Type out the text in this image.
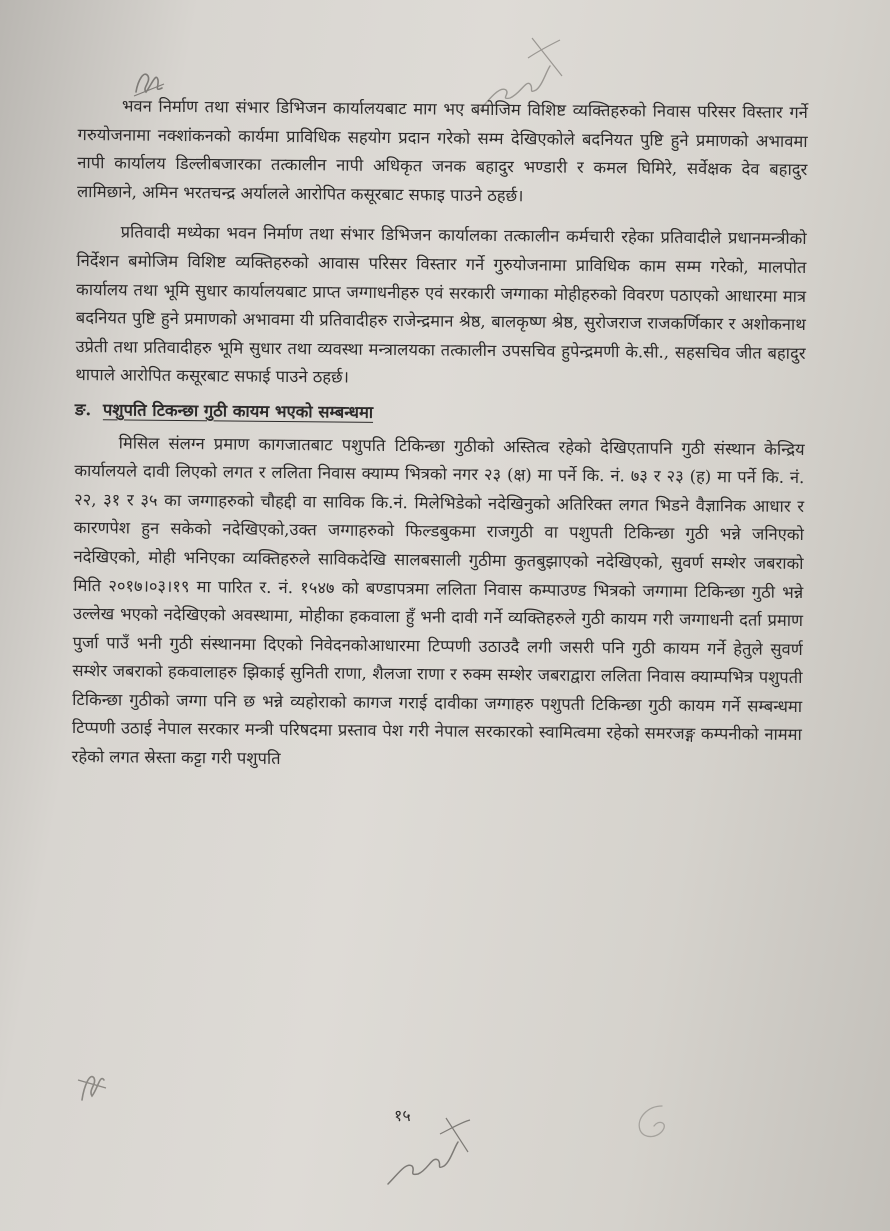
भवन निर्माण तथा संभार डिभिजन कार्यालयबाट माग भए बमोजिम विशिष्ट व्यक्तिहरुको निवास परिसर विस्तार गर्ने गरुयोजनामा नक्शांकनको कार्यमा प्राविधिक सहयोग प्रदान गरेको सम्म देखिएकोले बदनियत पुष्टि हुने प्रमाणको अभावमा नापी कार्यालय डिल्लीबजारका तत्कालीन नापी अधिकृत जनक बहादुर भण्डारी र कमल घिमिरे, सर्वेक्षक देव बहादुर लामिछाने, अमिन भरतचन्द्र अर्यालले आरोपित कसूरबाट सफाइ पाउने ठहर्छ।

प्रतिवादी मध्येका भवन निर्माण तथा संभार डिभिजन कार्यालका तत्कालीन कर्मचारी रहेका प्रतिवादीले प्रधानमन्त्रीको निर्देशन बमोजिम विशिष्ट व्यक्तिहरुको आवास परिसर विस्तार गर्ने गुरुयोजनामा प्राविधिक काम सम्म गरेको, मालपोत कार्यालय तथा भूमि सुधार कार्यालयबाट प्राप्त जग्गाधनीहरु एवं सरकारी जग्गाका मोहीहरुको विवरण पठाएको आधारमा मात्र बदनियत पुष्टि हुने प्रमाणको अभावमा यी प्रतिवादीहरु राजेन्द्रमान श्रेष्ठ, बालकृष्ण श्रेष्ठ, सुरोजराज राजकर्णिकार र अशोकनाथ उप्रेती तथा प्रतिवादीहरु भूमि सुधार तथा व्यवस्था मन्त्रालयका तत्कालीन उपसचिव हुपेन्द्रमणी के.सी., सहसचिव जीत बहादुर थापाले आरोपित कसूरबाट सफाई पाउने ठहर्छ।

ङ. पशुपति टिकन्छा गुठी कायम भएको सम्बन्धमा

मिसिल संलग्न प्रमाण कागजातबाट पशुपति टिकिन्छा गुठीको अस्तित्व रहेको देखिएतापनि गुठी संस्थान केन्द्रिय कार्यालयले दावी लिएको लगत र ललिता निवास क्याम्प भित्रको नगर २३ (क्ष) मा पर्ने कि. नं. ७३ र २३ (ह) मा पर्ने कि. नं. २२, ३१ र ३५ का जग्गाहरुको चौहद्दी वा साविक कि.नं. मिलेभिडेको नदेखिनुको अतिरिक्त लगत भिडने वैज्ञानिक आधार र कारणपेश हुन सकेको नदेखिएको,उक्त जग्गाहरुको फिल्डबुकमा राजगुठी वा पशुपती टिकिन्छा गुठी भन्ने जनिएको नदेखिएको, मोही भनिएका व्यक्तिहरुले साविकदेखि सालबसाली गुठीमा कुतबुझाएको नदेखिएको, सुवर्ण सम्शेर जबराको मिति २०१७।०३।१९ मा पारित र. नं. १५४७ को बण्डापत्रमा ललिता निवास कम्पाउण्ड भित्रको जग्गामा टिकिन्छा गुठी भन्ने उल्लेख भएको नदेखिएको अवस्थामा, मोहीका हकवाला हुँ भनी दावी गर्ने व्यक्तिहरुले गुठी कायम गरी जग्गाधनी दर्ता प्रमाण पुर्जा पाउँ भनी गुठी संस्थानमा दिएको निवेदनकोआधारमा टिप्पणी उठाउदै लगी जसरी पनि गुठी कायम गर्ने हेतुले सुवर्ण सम्शेर जबराको हकवालाहरु झिकाई सुनिती राणा, शैलजा राणा र रुक्म सम्शेर जबराद्वारा ललिता निवास क्याम्पभित्र पशुपती टिकिन्छा गुठीको जग्गा पनि छ भन्ने व्यहोराको कागज गराई दावीका जग्गाहरु पशुपती टिकिन्छा गुठी कायम गर्ने सम्बन्धमा टिप्पणी उठाई नेपाल सरकार मन्त्री परिषदमा प्रस्ताव पेश गरी नेपाल सरकारको स्वामित्वमा रहेको समरजङ्ग कम्पनीको नाममा रहेको लगत स्रेस्ता कट्टा गरी पशुपति

१५
